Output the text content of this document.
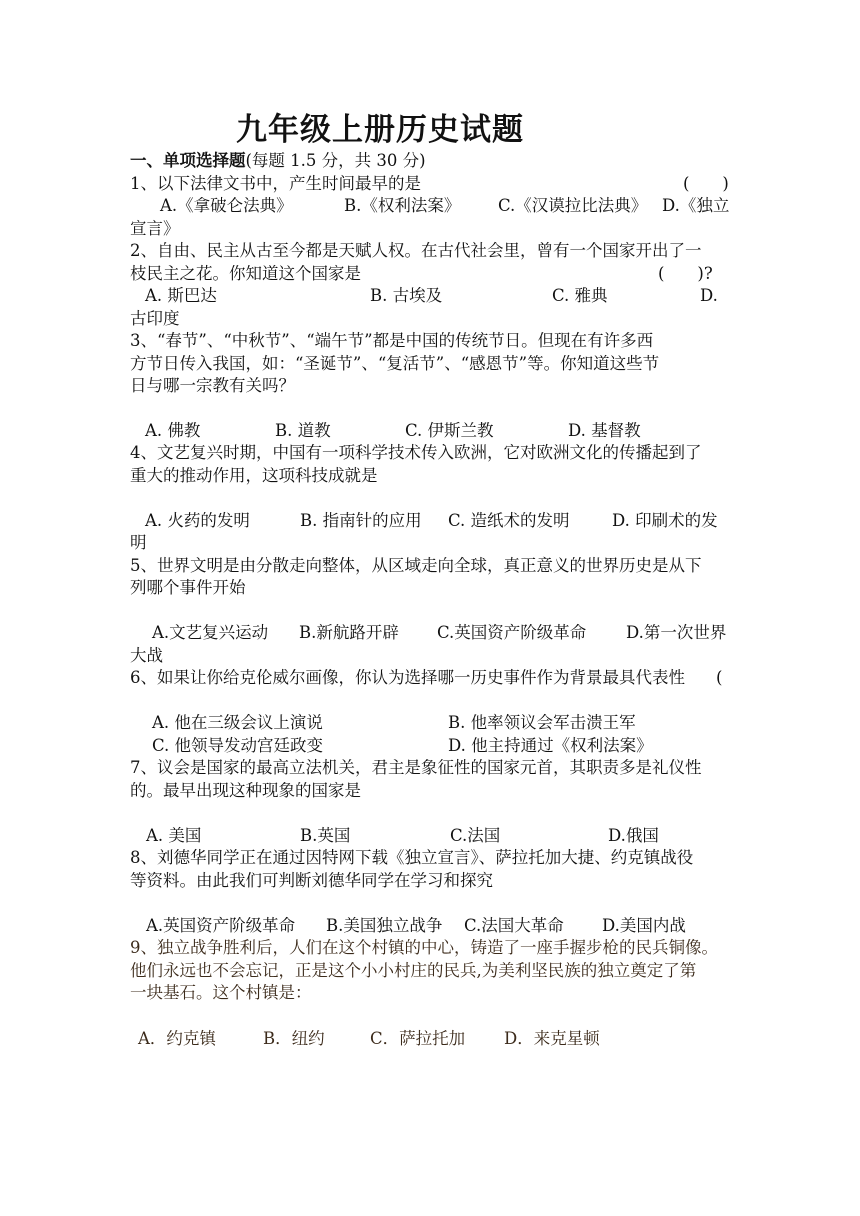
九年级上册历史试题
一、单项选择题(每题 1.5 分，共 30 分)
1、以下法律文书中，产生时间最早的是	(　　)
A.《拿破仑法典》	B.《权利法案》 C.《汉谟拉比法典》 D.《独立
宣言》
2、自由、民主从古至今都是天赋人权。在古代社会里，曾有一个国家开出了一
枝民主之花。你知道这个国家是	(　　)?
A. 斯巴达	B. 古埃及	C. 雅典	D.
古印度
3、“春节”、“中秋节”、“端午节”都是中国的传统节日。但现在有许多西
方节日传入我国，如：“圣诞节”、“复活节”、“感恩节”等。你知道这些节
日与哪一宗教有关吗？
A. 佛教	B. 道教	C. 伊斯兰教	D. 基督教
4、文艺复兴时期，中国有一项科学技术传入欧洲，它对欧洲文化的传播起到了
重大的推动作用，这项科技成就是
A. 火药的发明	B. 指南针的应用 C. 造纸术的发明	D. 印刷术的发
明
5、世界文明是由分散走向整体，从区域走向全球，真正意义的世界历史是从下
列哪个事件开始
A.文艺复兴运动 B.新航路开辟 C.英国资产阶级革命 D.第一次世界
大战
6、如果让你给克伦威尔画像，你认为选择哪一历史事件作为背景最具代表性 (
A. 他在三级会议上演说	B. 他率领议会军击溃王军
C. 他领导发动宫廷政变	D. 他主持通过《权利法案》
7、议会是国家的最高立法机关，君主是象征性的国家元首，其职责多是礼仪性
的。最早出现这种现象的国家是
A. 美国	B.英国	C.法国	D.俄国
8、刘德华同学正在通过因特网下载《独立宣言》、萨拉托加大捷、约克镇战役
等资料。由此我们可判断刘德华同学在学习和探究
A.英国资产阶级革命 B.美国独立战争 C.法国大革命 D.美国内战
9、独立战争胜利后，人们在这个村镇的中心，铸造了一座手握步枪的民兵铜像。
他们永远也不会忘记，正是这个小小村庄的民兵,为美利坚民族的独立奠定了第
一块基石。这个村镇是：
A．约克镇	B．纽约	C．萨拉托加 D．来克星顿
